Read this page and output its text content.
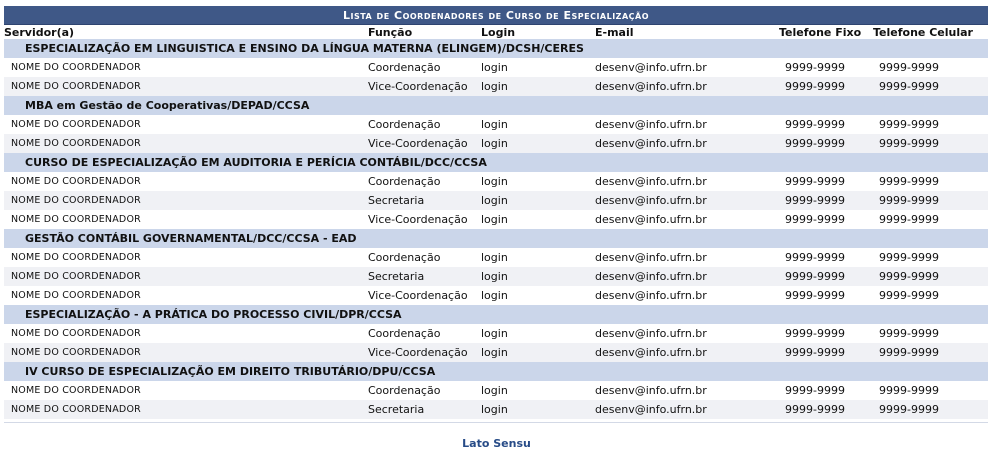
Lista de Coordenadores de Curso de Especialização					
Servidor(a)	Função	Login	E-mail	Telefone Fixo	Telefone Celular
ESPECIALIZAÇÃO EM LINGUISTICA E ENSINO DA LÍNGUA MATERNA (ELINGEM)/DCSH/CERES					
NOME DO COORDENADOR	Coordenação	login	desenv@info.ufrn.br	9999-9999	9999-9999
NOME DO COORDENADOR	Vice-Coordenação	login	desenv@info.ufrn.br	9999-9999	9999-9999
MBA em Gestão de Cooperativas/DEPAD/CCSA					
NOME DO COORDENADOR	Coordenação	login	desenv@info.ufrn.br	9999-9999	9999-9999
NOME DO COORDENADOR	Vice-Coordenação	login	desenv@info.ufrn.br	9999-9999	9999-9999
CURSO DE ESPECIALIZAÇÃO EM AUDITORIA E PERÍCIA CONTÁBIL/DCC/CCSA					
NOME DO COORDENADOR	Coordenação	login	desenv@info.ufrn.br	9999-9999	9999-9999
NOME DO COORDENADOR	Secretaria	login	desenv@info.ufrn.br	9999-9999	9999-9999
NOME DO COORDENADOR	Vice-Coordenação	login	desenv@info.ufrn.br	9999-9999	9999-9999
GESTÃO CONTÁBIL GOVERNAMENTAL/DCC/CCSA - EAD					
NOME DO COORDENADOR	Coordenação	login	desenv@info.ufrn.br	9999-9999	9999-9999
NOME DO COORDENADOR	Secretaria	login	desenv@info.ufrn.br	9999-9999	9999-9999
NOME DO COORDENADOR	Vice-Coordenação	login	desenv@info.ufrn.br	9999-9999	9999-9999
ESPECIALIZAÇÃO - A PRÁTICA DO PROCESSO CIVIL/DPR/CCSA					
NOME DO COORDENADOR	Coordenação	login	desenv@info.ufrn.br	9999-9999	9999-9999
NOME DO COORDENADOR	Vice-Coordenação	login	desenv@info.ufrn.br	9999-9999	9999-9999
IV CURSO DE ESPECIALIZAÇÃO EM DIREITO TRIBUTÁRIO/DPU/CCSA					
NOME DO COORDENADOR	Coordenação	login	desenv@info.ufrn.br	9999-9999	9999-9999
NOME DO COORDENADOR	Secretaria	login	desenv@info.ufrn.br	9999-9999	9999-9999
Lato Sensu
